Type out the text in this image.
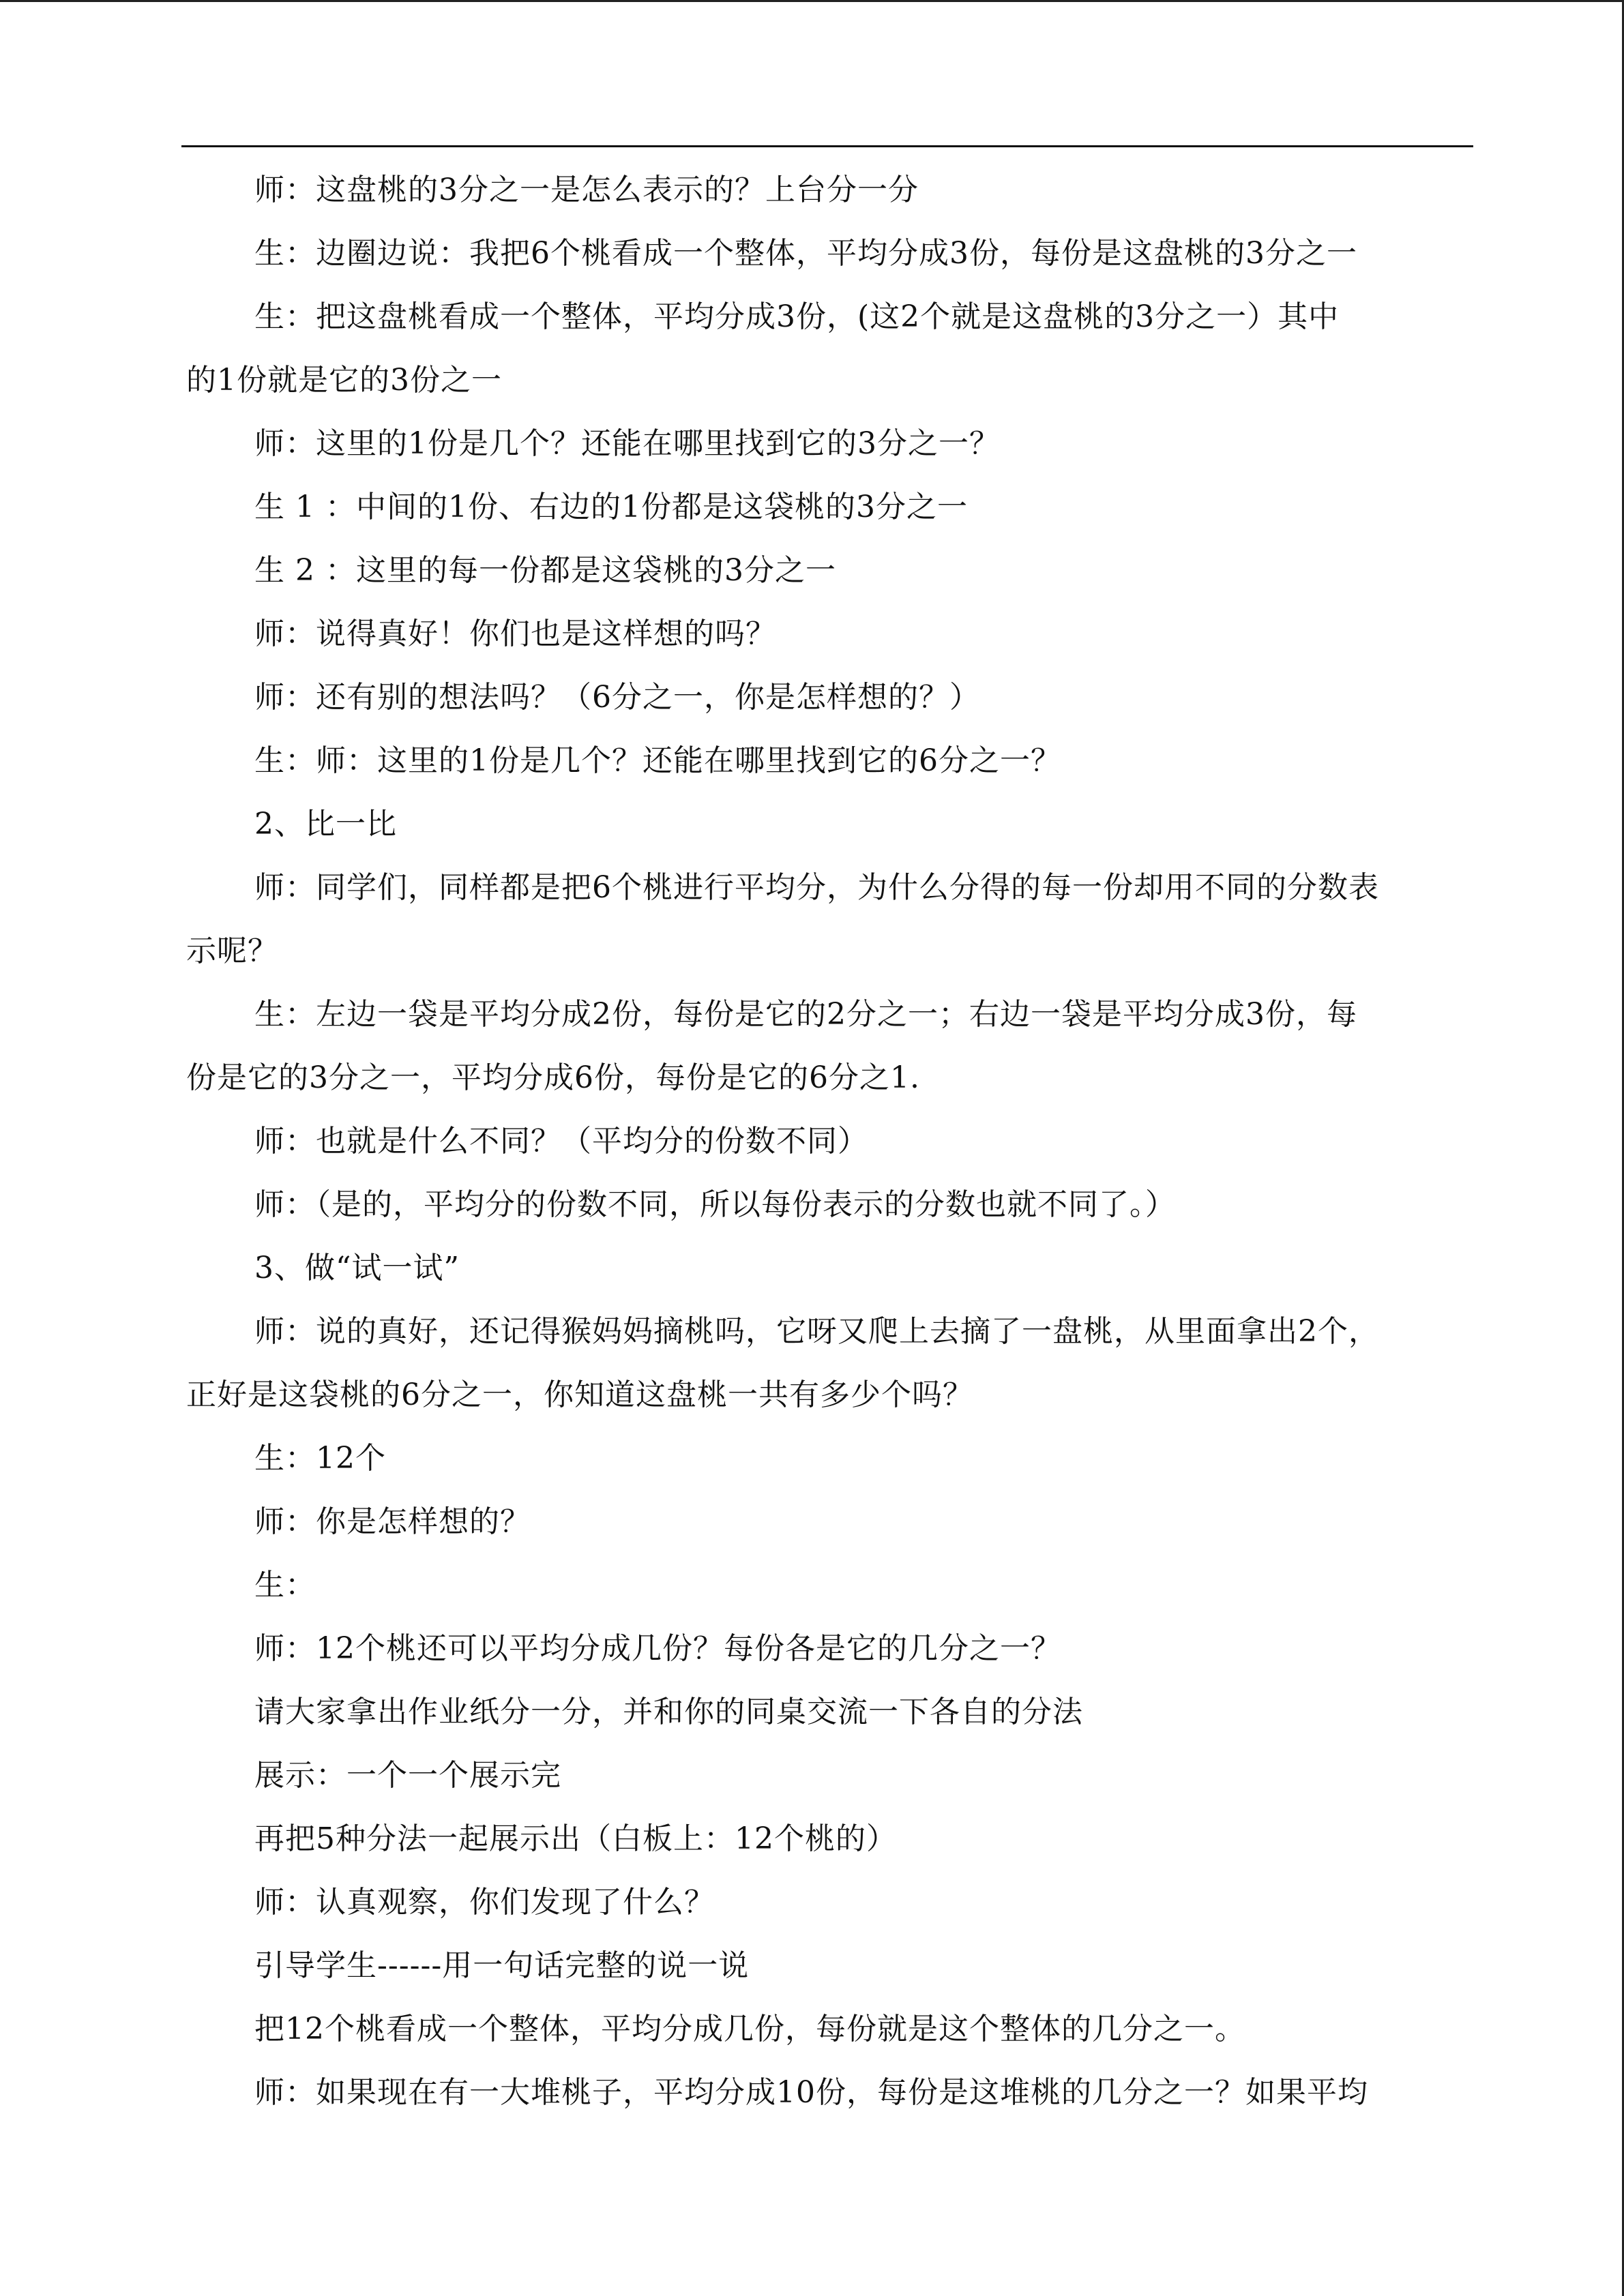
师：这盘桃的3分之一是怎么表示的？上台分一分

生：边圈边说：我把6个桃看成一个整体，平均分成3份，每份是这盘桃的3分之一

生：把这盘桃看成一个整体，平均分成3份，(这2个就是这盘桃的3分之一）其中

的1份就是它的3份之一

师：这里的1份是几个？还能在哪里找到它的3分之一？

生 1 ：中间的1份、右边的1份都是这袋桃的3分之一

生 2 ：这里的每一份都是这袋桃的3分之一

师：说得真好！你们也是这样想的吗？

师：还有别的想法吗？（6分之一，你是怎样想的？）

生：师：这里的1份是几个？还能在哪里找到它的6分之一？

2、比一比

师：同学们，同样都是把6个桃进行平均分，为什么分得的每一份却用不同的分数表

示呢？

生：左边一袋是平均分成2份，每份是它的2分之一；右边一袋是平均分成3份，每

份是它的3分之一，平均分成6份，每份是它的6分之1.

师：也就是什么不同？（平均分的份数不同）

师：（是的，平均分的份数不同，所以每份表示的分数也就不同了。）

3、做“试一试”

师：说的真好，还记得猴妈妈摘桃吗，它呀又爬上去摘了一盘桃，从里面拿出2个，

正好是这袋桃的6分之一，你知道这盘桃一共有多少个吗？

生：12个

师：你是怎样想的？

生：

师：12个桃还可以平均分成几份？每份各是它的几分之一？

请大家拿出作业纸分一分，并和你的同桌交流一下各自的分法

展示：一个一个展示完

再把5种分法一起展示出（白板上：12个桃的）

师：认真观察，你们发现了什么？

引导学生------用一句话完整的说一说

把12个桃看成一个整体，平均分成几份，每份就是这个整体的几分之一。

师：如果现在有一大堆桃子，平均分成10份，每份是这堆桃的几分之一？如果平均
